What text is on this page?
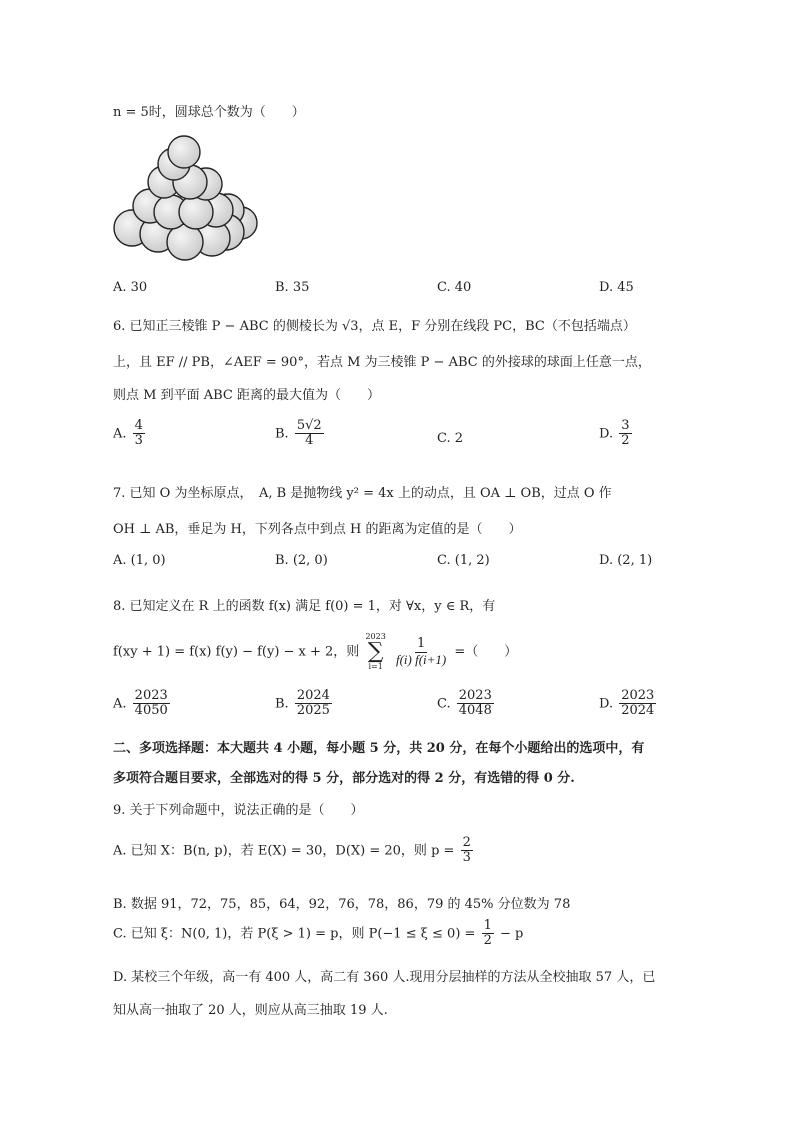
n = 5时，圆球总个数为（　　）
A. 30	B. 35	C. 40	D. 45
6. 已知正三棱锥 P − ABC 的侧棱长为 √3，点 E，F 分别在线段 PC，BC（不包括端点）
上，且 EF // PB，∠AEF = 90°，若点 M 为三棱锥 P − ABC 的外接球的球面上任意一点，
则点 M 到平面 ABC 距离的最大值为（　　）
A. $\frac{4}{3}$	B. $\frac{5√2}{4}$	C. 2	D. $\frac{3}{2}$
7. 已知 O 为坐标原点，　A, B 是抛物线 y² = 4x 上的动点，且 OA ⊥ OB，过点 O 作
OH ⊥ AB，垂足为 H，下列各点中到点 H 的距离为定值的是（　　）
A. (1, 0)	B. (2, 0)	C. (1, 2)	D. (2, 1)
8. 已知定义在 R 上的函数 f(x) 满足 f(0) = 1，对 ∀x，y ∈ R，有
f(xy + 1) = f(x) f(y) − f(y) − x + 2，则
2023
∑
i=1
$\frac{1}{f(i) f(i+1)}$ =（　　）
A. $\frac{2023}{4050}$	B. $\frac{2024}{2025}$	C. $\frac{2023}{4048}$	D. $\frac{2023}{2024}$
二、多项选择题：本大题共 4 小题，每小题 5 分，共 20 分，在每个小题给出的选项中，有
多项符合题目要求，全部选对的得 5 分，部分选对的得 2 分，有选错的得 0 分.
9. 关于下列命题中，说法正确的是（　　）
A. 已知 X：B(n, p)，若 E(X) = 30，D(X) = 20，则 $p = \frac{2}{3}$
B. 数据 91，72，75，85，64，92，76，78，86，79 的 45% 分位数为 78
C. 已知 ξ：N(0, 1)，若 P(ξ > 1) = p，则 $P(-1 \le \xi \le 0) = \frac{1}{2} - p$
D. 某校三个年级，高一有 400 人，高二有 360 人.现用分层抽样的方法从全校抽取 57 人，已
知从高一抽取了 20 人，则应从高三抽取 19 人.
